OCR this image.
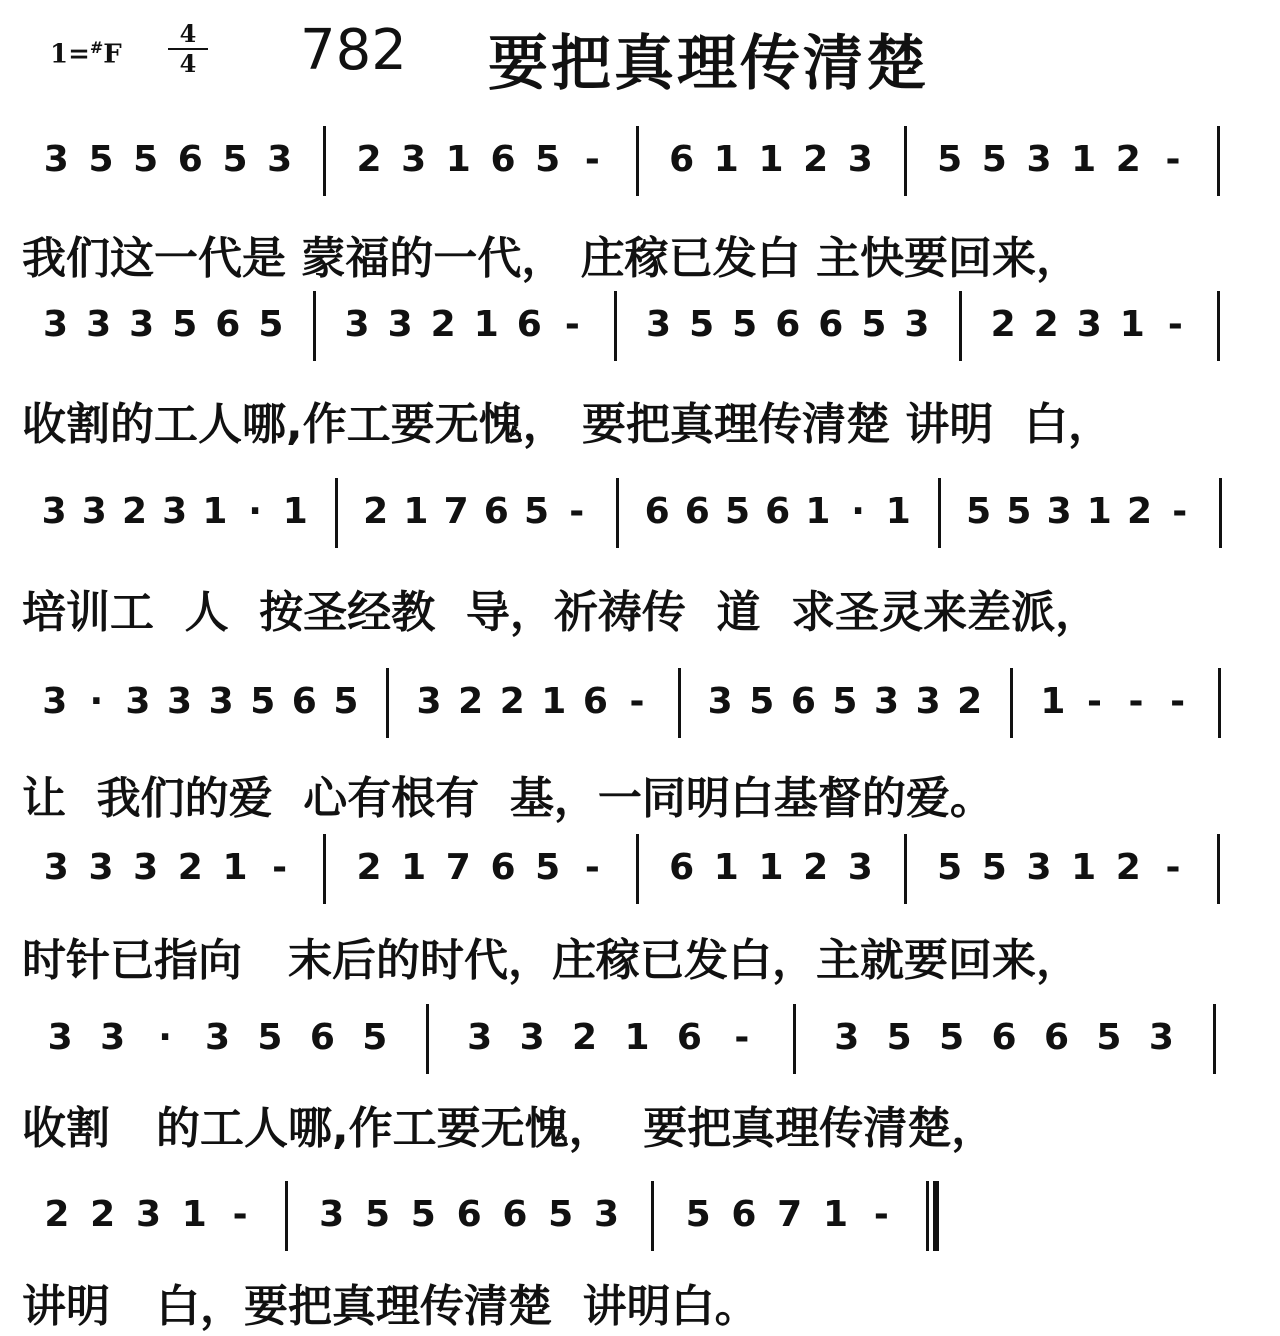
1=#F
4
4 782 要把真理传清楚
3 5 5 6 5 3 2 3 1 6 5 - 6 1 1 2 3 5 5 3 1 2 -
我们这一代是 蒙福的一代， 庄稼已发白 主快要回来，
3 3 3 5 6 5 3 3 2 1 6 - 3 5 5 6 6 5 3 2 2 3 1 -
收割的工人哪,作工要无愧， 要把真理传清楚 讲明  白，
3 3 2 3 1 · 1 2 1 7 6 5 - 6 6 5 6 1 · 1 5 5 3 1 2 -
培训工  人  按圣经教  导，祈祷传  道  求圣灵来差派，
3 · 3 3 3 5 6 5 3 2 2 1 6 - 3 5 6 5 3 3 2 1 - - -
让  我们的爱  心有根有  基，一同明白基督的爱。
3 3 3 2 1 - 2 1 7 6 5 - 6 1 1 2 3 5 5 3 1 2 -
时针已指向   末后的时代，庄稼已发白，主就要回来，
3 3 · 3 5 6 5 3 3 2 1 6 - 3 5 5 6 6 5 3
收割   的工人哪,作工要无愧，  要把真理传清楚，
2 2 3 1 - 3 5 5 6 6 5 3 5 6 7 1 -
讲明   白，要把真理传清楚  讲明白。
